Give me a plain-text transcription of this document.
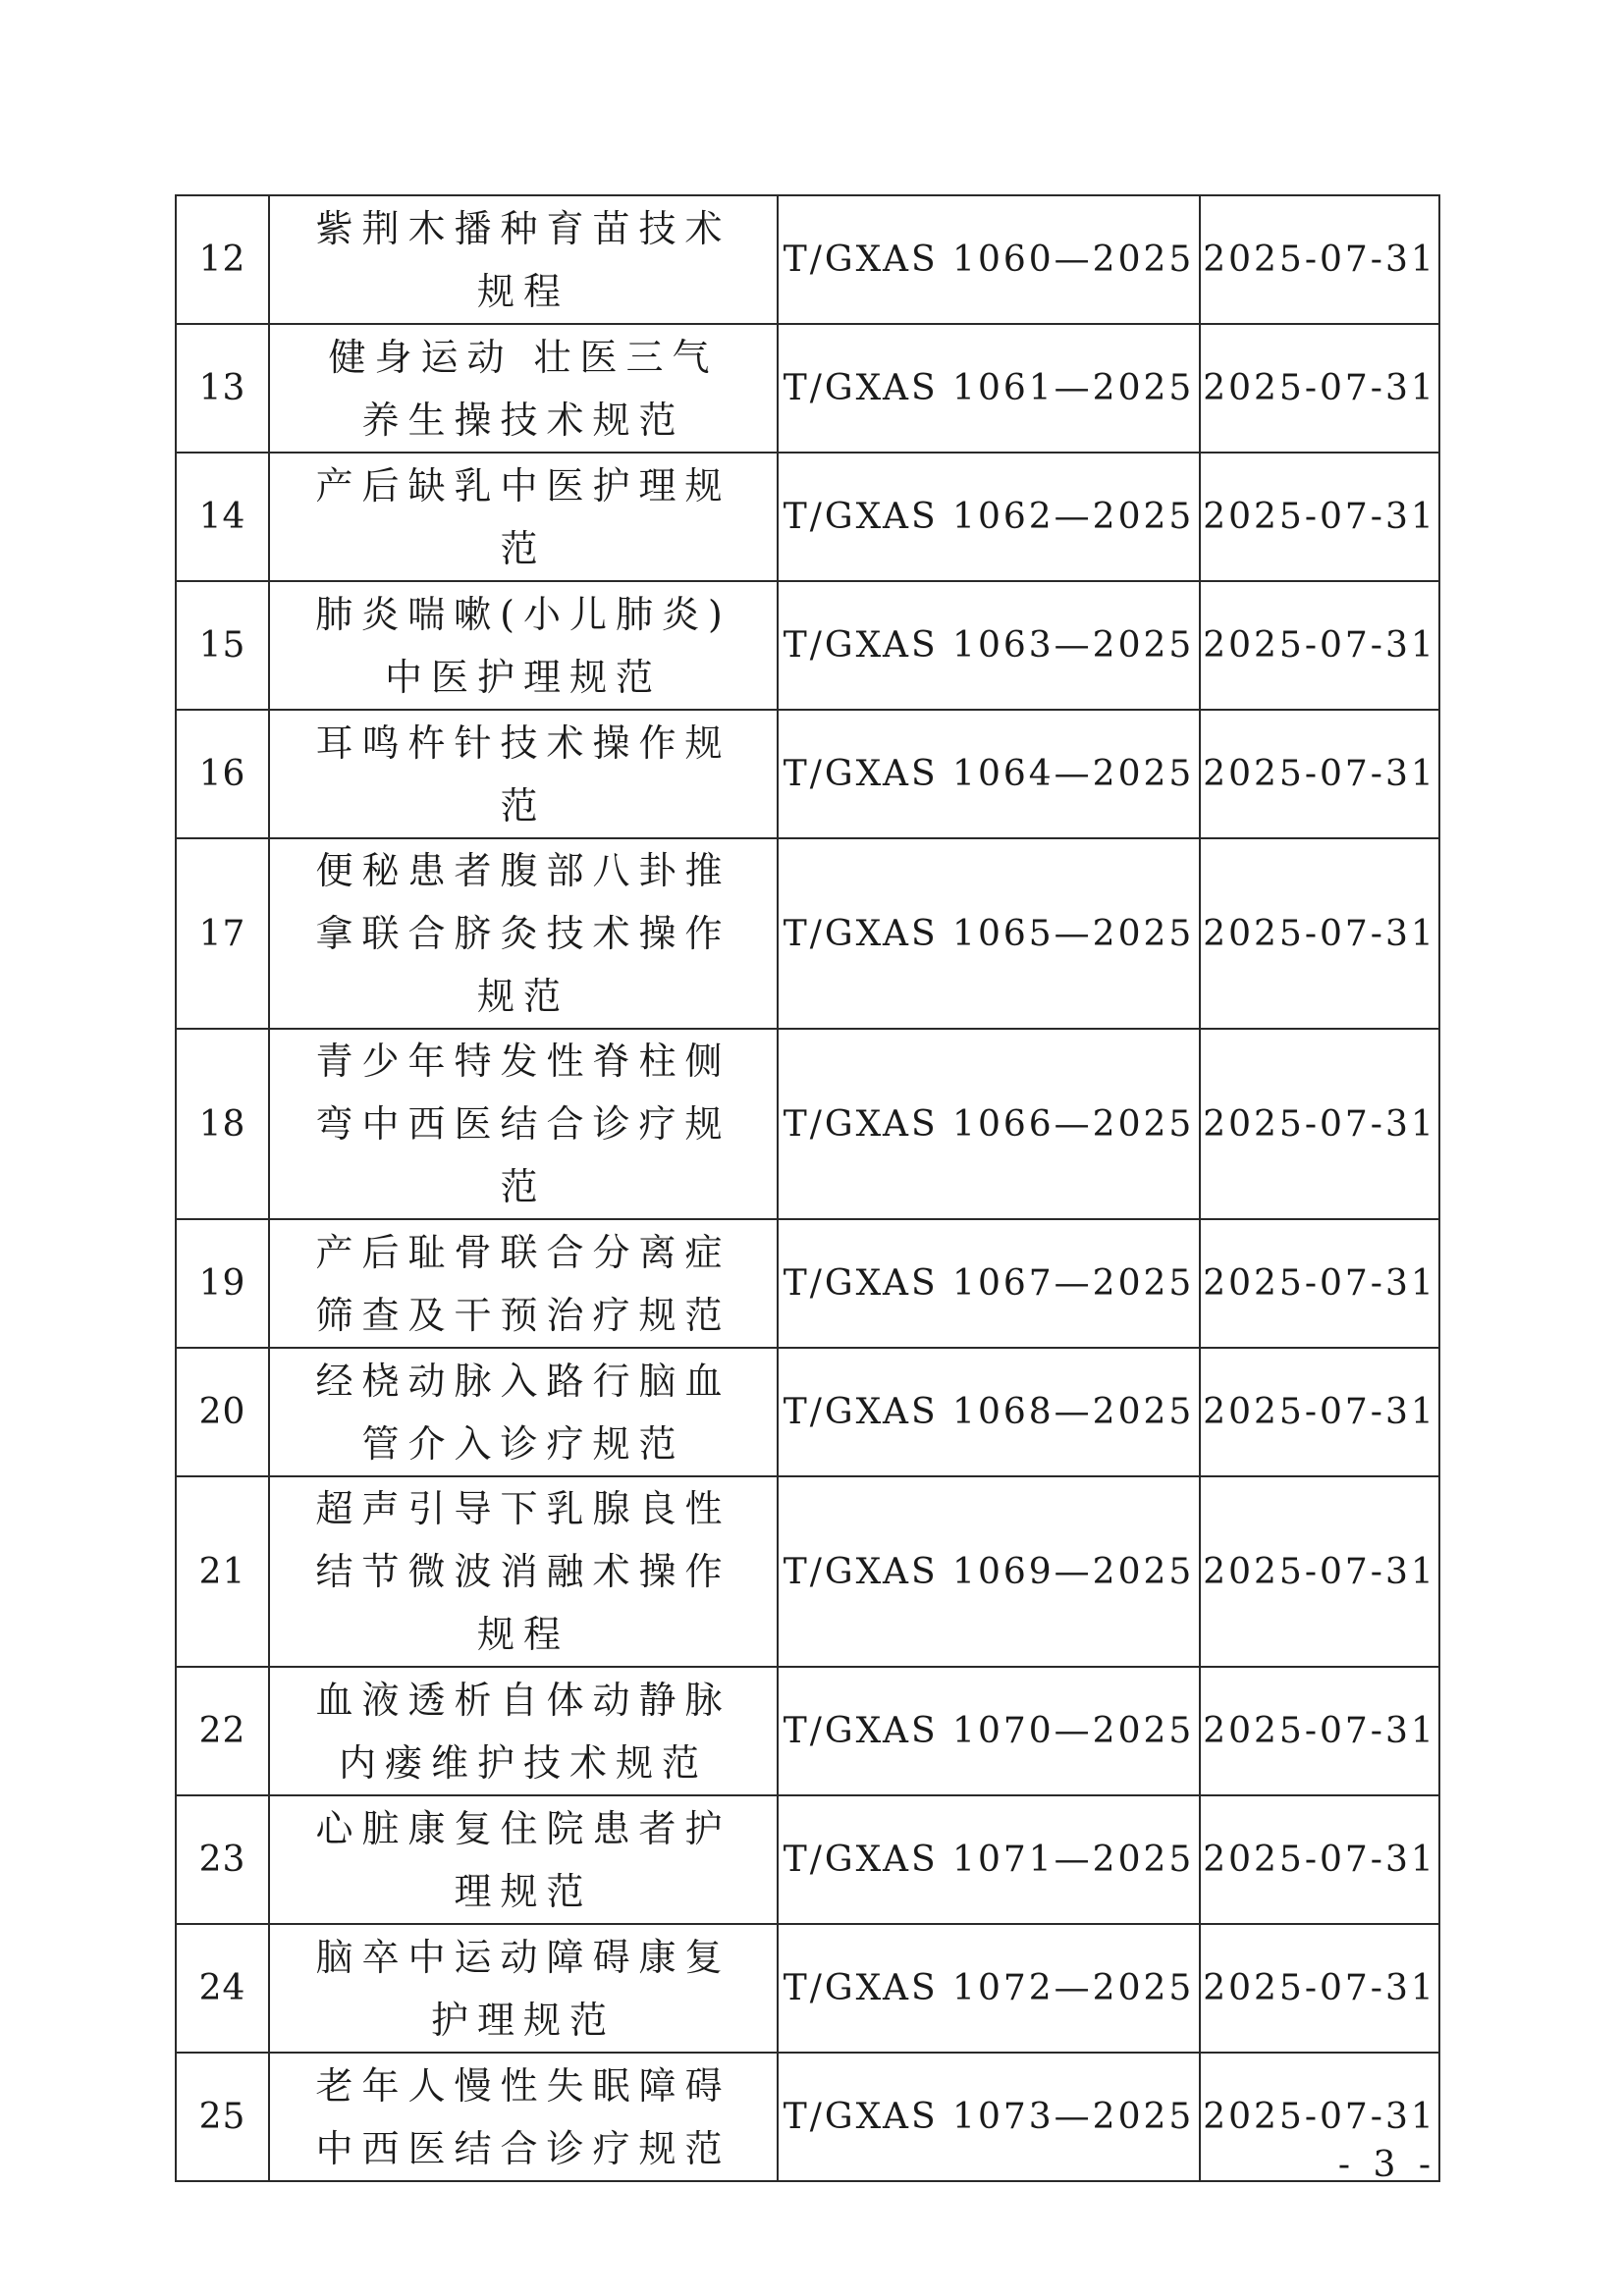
12	紫荆木播种育苗技术规程	T/GXAS 1060—2025	2025-07-31
13	健身运动 壮医三气养生操技术规范	T/GXAS 1061—2025	2025-07-31
14	产后缺乳中医护理规范	T/GXAS 1062—2025	2025-07-31
15	肺炎喘嗽(小儿肺炎)中医护理规范	T/GXAS 1063—2025	2025-07-31
16	耳鸣杵针技术操作规范	T/GXAS 1064—2025	2025-07-31
17	便秘患者腹部八卦推拿联合脐灸技术操作规范	T/GXAS 1065—2025	2025-07-31
18	青少年特发性脊柱侧弯中西医结合诊疗规范	T/GXAS 1066—2025	2025-07-31
19	产后耻骨联合分离症筛查及干预治疗规范	T/GXAS 1067—2025	2025-07-31
20	经桡动脉入路行脑血管介入诊疗规范	T/GXAS 1068—2025	2025-07-31
21	超声引导下乳腺良性结节微波消融术操作规程	T/GXAS 1069—2025	2025-07-31
22	血液透析自体动静脉内瘘维护技术规范	T/GXAS 1070—2025	2025-07-31
23	心脏康复住院患者护理规范	T/GXAS 1071—2025	2025-07-31
24	脑卒中运动障碍康复护理规范	T/GXAS 1072—2025	2025-07-31
25	老年人慢性失眠障碍中西医结合诊疗规范	T/GXAS 1073—2025	2025-07-31
- 3 -
